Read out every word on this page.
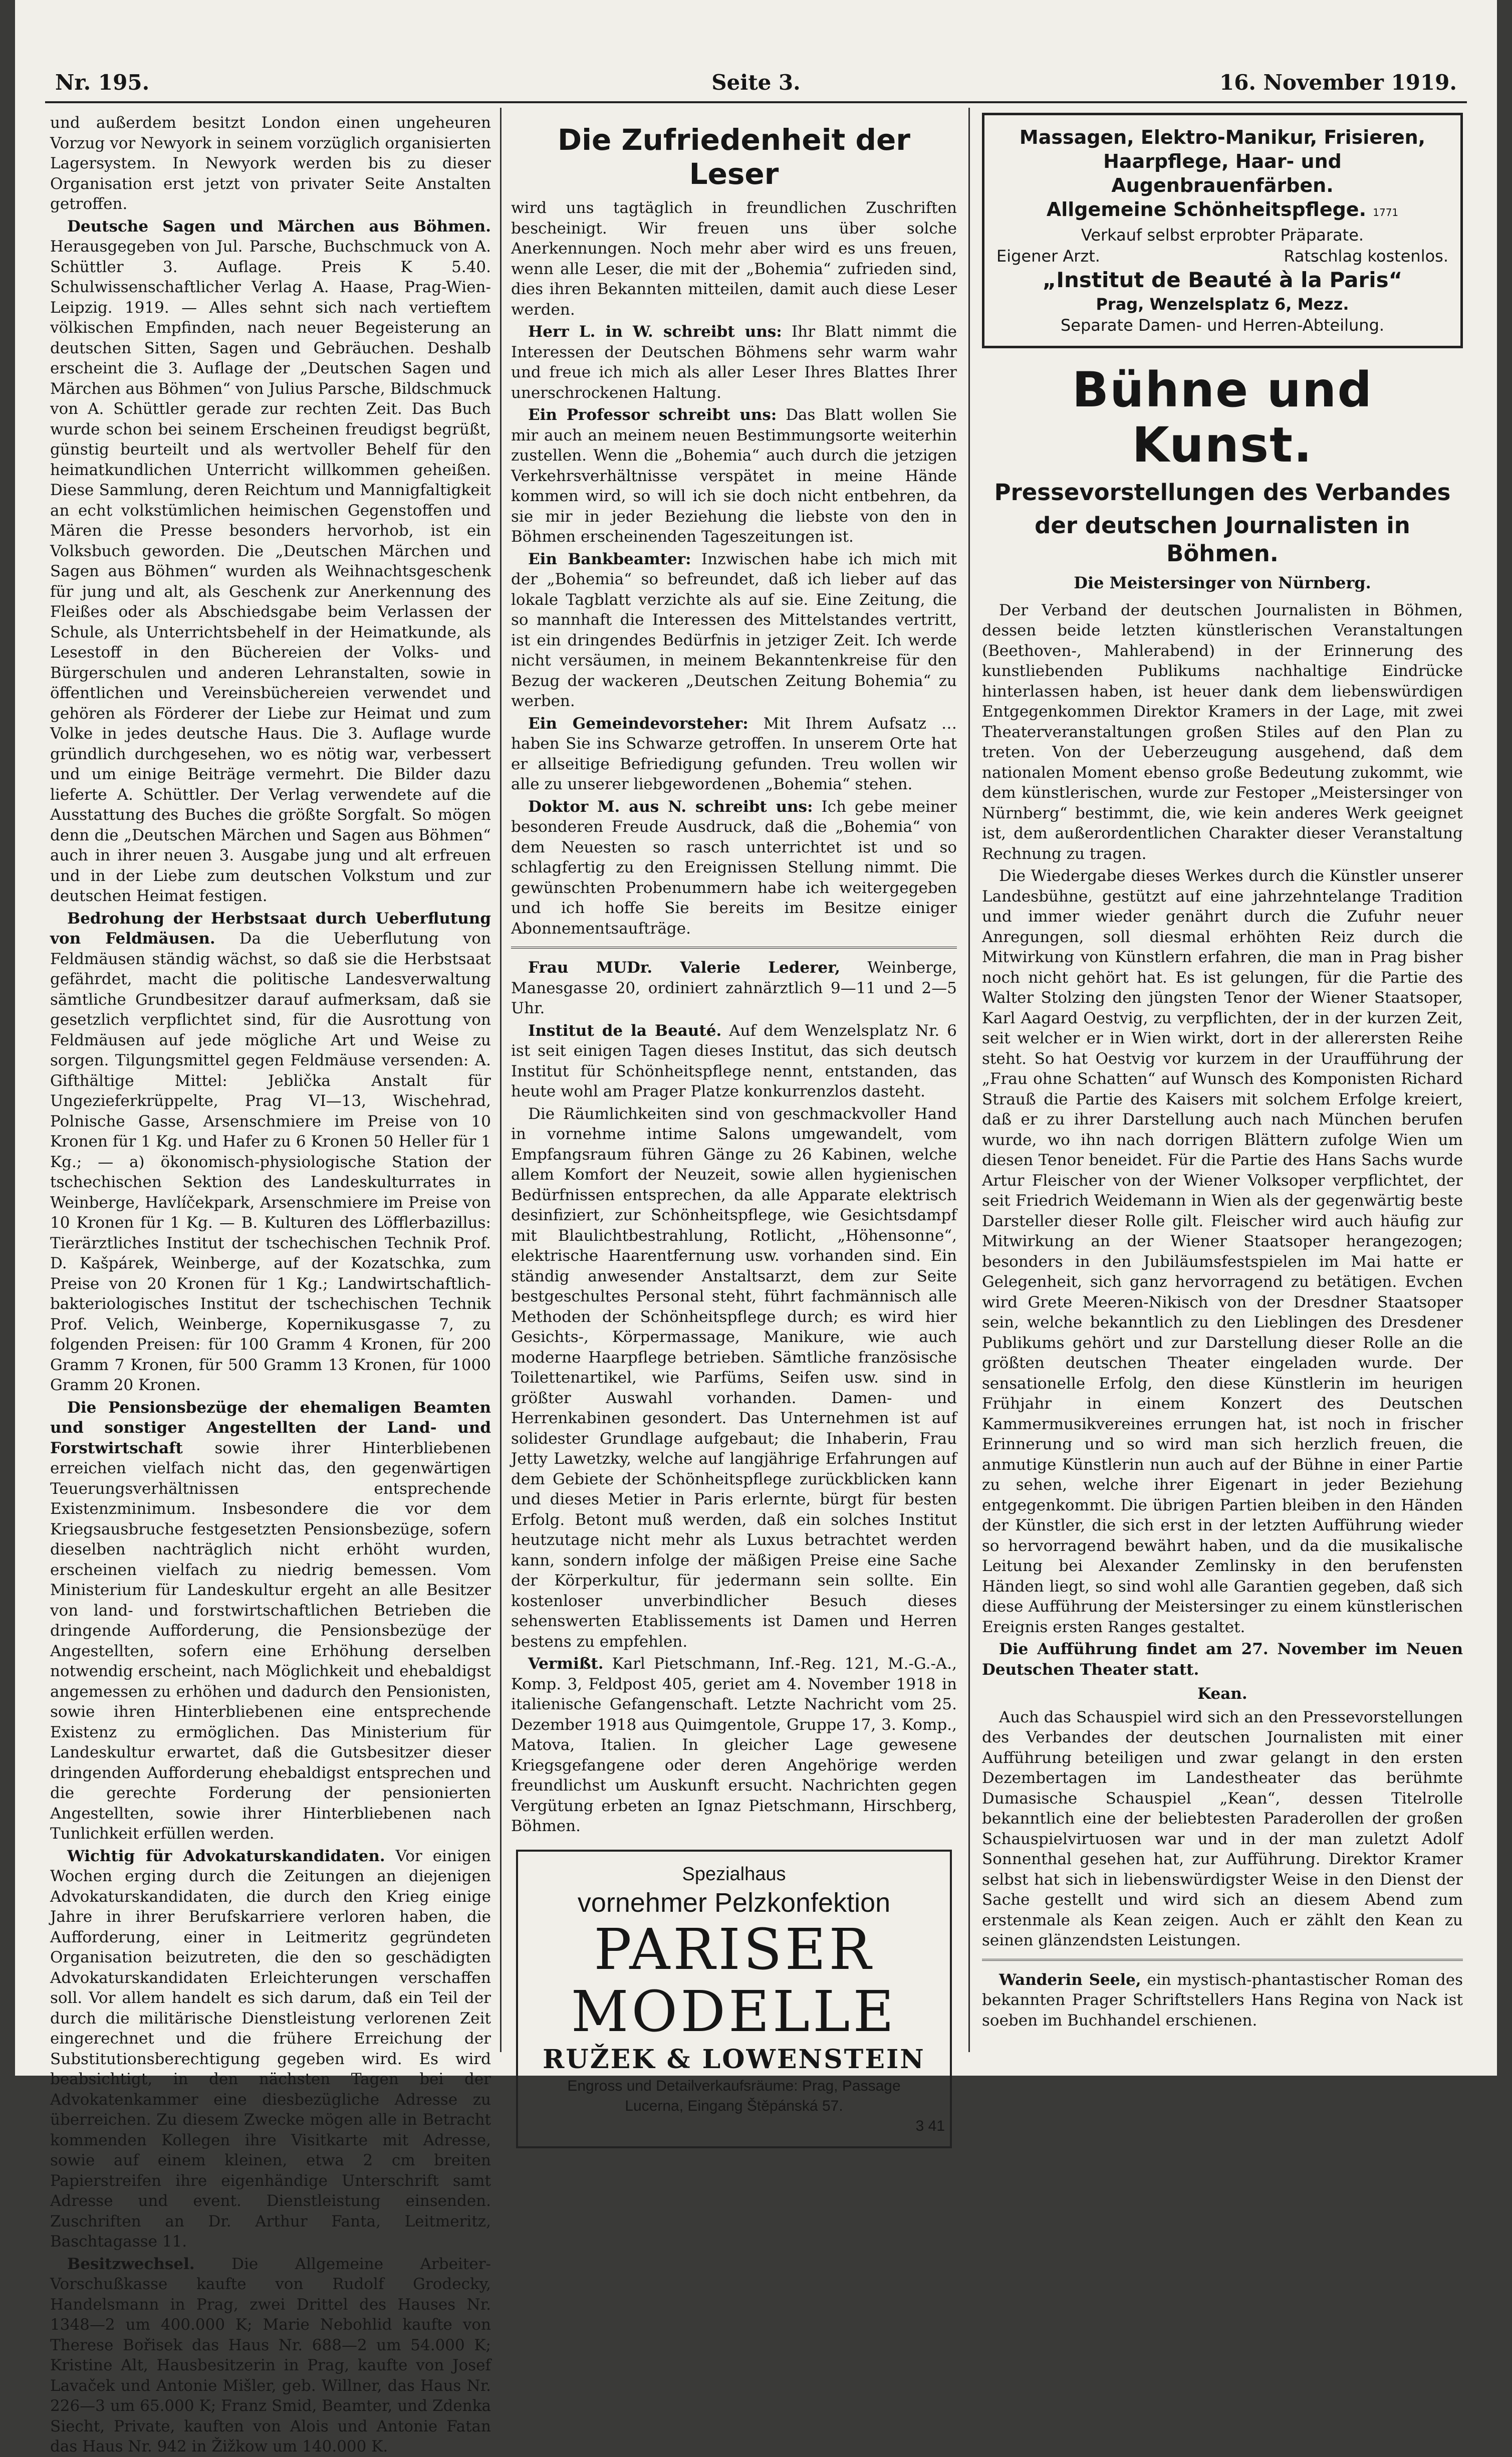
Nr. 195.	Seite 3.	16. November 1919.

und außerdem besitzt London einen ungeheuren Vorzug vor Newyork in seinem vorzüglich organisierten Lagersystem. In Newyork werden bis zu dieser Organisation erst jetzt von privater Seite Anstalten getroffen.

Deutsche Sagen und Märchen aus Böhmen. Herausgegeben von Jul. Parsche, Buchschmuck von A. Schüttler 3. Auflage. Preis K 5.40. Schulwissenschaftlicher Verlag A. Haase, Prag-Wien-Leipzig. 1919. — Alles sehnt sich nach vertieftem völkischen Empfinden, nach neuer Begeisterung an deutschen Sitten, Sagen und Gebräuchen. Deshalb erscheint die 3. Auflage der „Deutschen Sagen und Märchen aus Böhmen“ von Julius Parsche, Bildschmuck von A. Schüttler gerade zur rechten Zeit. Das Buch wurde schon bei seinem Erscheinen freudigst begrüßt, günstig beurteilt und als wertvoller Behelf für den heimatkundlichen Unterricht willkommen geheißen. Diese Sammlung, deren Reichtum und Mannigfaltigkeit an echt volkstümlichen heimischen Gegenstoffen und Mären die Presse besonders hervorhob, ist ein Volksbuch geworden. Die „Deutschen Märchen und Sagen aus Böhmen“ wurden als Weihnachtsgeschenk für jung und alt, als Geschenk zur Anerkennung des Fleißes oder als Abschiedsgabe beim Verlassen der Schule, als Unterrichtsbehelf in der Heimatkunde, als Lesestoff in den Büchereien der Volks- und Bürgerschulen und anderen Lehranstalten, sowie in öffentlichen und Vereinsbüchereien verwendet und gehören als Förderer der Liebe zur Heimat und zum Volke in jedes deutsche Haus. Die 3. Auflage wurde gründlich durchgesehen, wo es nötig war, verbessert und um einige Beiträge vermehrt. Die Bilder dazu lieferte A. Schüttler. Der Verlag verwendete auf die Ausstattung des Buches die größte Sorgfalt. So mögen denn die „Deutschen Märchen und Sagen aus Böhmen“ auch in ihrer neuen 3. Ausgabe jung und alt erfreuen und in der Liebe zum deutschen Volkstum und zur deutschen Heimat festigen.

Bedrohung der Herbstsaat durch Ueberflutung von Feldmäusen. Da die Ueberflutung von Feldmäusen ständig wächst, so daß sie die Herbstsaat gefährdet, macht die politische Landesverwaltung sämtliche Grundbesitzer darauf aufmerksam, daß sie gesetzlich verpflichtet sind, für die Ausrottung von Feldmäusen auf jede mögliche Art und Weise zu sorgen. Tilgungsmittel gegen Feldmäuse versenden: A. Gifthältige Mittel: Jeblička Anstalt für Ungezieferkrüppelte, Prag VI—13, Wischehrad, Polnische Gasse, Arsenschmiere im Preise von 10 Kronen für 1 Kg. und Hafer zu 6 Kronen 50 Heller für 1 Kg.; — a) ökonomisch-physiologische Station der tschechischen Sektion des Landeskulturrates in Weinberge, Havlíčekpark, Arsenschmiere im Preise von 10 Kronen für 1 Kg. — B. Kulturen des Löfflerbazillus: Tierärztliches Institut der tschechischen Technik Prof. D. Kašpárek, Weinberge, auf der Kozatschka, zum Preise von 20 Kronen für 1 Kg.; Landwirtschaftlich-bakteriologisches Institut der tschechischen Technik Prof. Velich, Weinberge, Kopernikusgasse 7, zu folgenden Preisen: für 100 Gramm 4 Kronen, für 200 Gramm 7 Kronen, für 500 Gramm 13 Kronen, für 1000 Gramm 20 Kronen.

Die Pensionsbezüge der ehemaligen Beamten und sonstiger Angestellten der Land- und Forstwirtschaft sowie ihrer Hinterbliebenen erreichen vielfach nicht das, den gegenwärtigen Teuerungsverhältnissen entsprechende Existenzminimum. Insbesondere die vor dem Kriegsausbruche festgesetzten Pensionsbezüge, sofern dieselben nachträglich nicht erhöht wurden, erscheinen vielfach zu niedrig bemessen. Vom Ministerium für Landeskultur ergeht an alle Besitzer von land- und forstwirtschaftlichen Betrieben die dringende Aufforderung, die Pensionsbezüge der Angestellten, sofern eine Erhöhung derselben notwendig erscheint, nach Möglichkeit und ehebaldigst angemessen zu erhöhen und dadurch den Pensionisten, sowie ihren Hinterbliebenen eine entsprechende Existenz zu ermöglichen. Das Ministerium für Landeskultur erwartet, daß die Gutsbesitzer dieser dringenden Aufforderung ehebaldigst entsprechen und die gerechte Forderung der pensionierten Angestellten, sowie ihrer Hinterbliebenen nach Tunlichkeit erfüllen werden.

Wichtig für Advokaturskandidaten. Vor einigen Wochen erging durch die Zeitungen an diejenigen Advokaturskandidaten, die durch den Krieg einige Jahre in ihrer Berufskarriere verloren haben, die Aufforderung, einer in Leitmeritz gegründeten Organisation beizutreten, die den so geschädigten Advokaturskandidaten Erleichterungen verschaffen soll. Vor allem handelt es sich darum, daß ein Teil der durch die militärische Dienstleistung verlorenen Zeit eingerechnet und die frühere Erreichung der Substitutionsberechtigung gegeben wird. Es wird beabsichtigt, in den nächsten Tagen bei der Advokatenkammer eine diesbezügliche Adresse zu überreichen. Zu diesem Zwecke mögen alle in Betracht kommenden Kollegen ihre Visitkarte mit Adresse, sowie auf einem kleinen, etwa 2 cm breiten Papierstreifen ihre eigenhändige Unterschrift samt Adresse und event. Dienstleistung einsenden. Zuschriften an Dr. Arthur Fanta, Leitmeritz, Baschtagasse 11.

Besitzwechsel. Die Allgemeine Arbeiter-Vorschußkasse kaufte von Rudolf Grodecky, Handelsmann in Prag, zwei Drittel des Hauses Nr. 1348—2 um 400.000 K; Marie Nebohlid kaufte von Therese Bořisek das Haus Nr. 688—2 um 54.000 K; Kristine Alt, Hausbesitzerin in Prag, kaufte von Josef Lavaček und Antonie Mišler, geb. Willner, das Haus Nr. 226—3 um 65.000 K; Franz Smid, Beamter, und Zdenka Siecht, Private, kauften von Alois und Antonie Fatan das Haus Nr. 942 in Žižkow um 140.000 K.

Die Zufriedenheit der Leser

wird uns tagtäglich in freundlichen Zuschriften bescheinigt. Wir freuen uns über solche Anerkennungen. Noch mehr aber wird es uns freuen, wenn alle Leser, die mit der „Bohemia“ zufrieden sind, dies ihren Bekannten mitteilen, damit auch diese Leser werden.

Herr L. in W. schreibt uns: Ihr Blatt nimmt die Interessen der Deutschen Böhmens sehr warm wahr und freue ich mich als aller Leser Ihres Blattes Ihrer unerschrockenen Haltung.

Ein Professor schreibt uns: Das Blatt wollen Sie mir auch an meinem neuen Bestimmungsorte weiterhin zustellen. Wenn die „Bohemia“ auch durch die jetzigen Verkehrsverhältnisse verspätet in meine Hände kommen wird, so will ich sie doch nicht entbehren, da sie mir in jeder Beziehung die liebste von den in Böhmen erscheinenden Tageszeitungen ist.

Ein Bankbeamter: Inzwischen habe ich mich mit der „Bohemia“ so befreundet, daß ich lieber auf das lokale Tagblatt verzichte als auf sie. Eine Zeitung, die so mannhaft die Interessen des Mittelstandes vertritt, ist ein dringendes Bedürfnis in jetziger Zeit. Ich werde nicht versäumen, in meinem Bekanntenkreise für den Bezug der wackeren „Deutschen Zeitung Bohemia“ zu werben.

Ein Gemeindevorsteher: Mit Ihrem Aufsatz … haben Sie ins Schwarze getroffen. In unserem Orte hat er allseitige Befriedigung gefunden. Treu wollen wir alle zu unserer liebgewordenen „Bohemia“ stehen.

Doktor M. aus N. schreibt uns: Ich gebe meiner besonderen Freude Ausdruck, daß die „Bohemia“ von dem Neuesten so rasch unterrichtet ist und so schlagfertig zu den Ereignissen Stellung nimmt. Die gewünschten Probenummern habe ich weitergegeben und ich hoffe Sie bereits im Besitze einiger Abonnementsaufträge.

Frau MUDr. Valerie Lederer, Weinberge, Manesgasse 20, ordiniert zahnärztlich 9—11 und 2—5 Uhr.

Institut de la Beauté. Auf dem Wenzelsplatz Nr. 6 ist seit einigen Tagen dieses Institut, das sich deutsch Institut für Schönheitspflege nennt, entstanden, das heute wohl am Prager Platze konkurrenzlos dasteht.

Die Räumlichkeiten sind von geschmackvoller Hand in vornehme intime Salons umgewandelt, vom Empfangsraum führen Gänge zu 26 Kabinen, welche allem Komfort der Neuzeit, sowie allen hygienischen Bedürfnissen entsprechen, da alle Apparate elektrisch desinfiziert, zur Schönheitspflege, wie Gesichtsdampf mit Blaulichtbestrahlung, Rotlicht, „Höhensonne“, elektrische Haarentfernung usw. vorhanden sind. Ein ständig anwesender Anstaltsarzt, dem zur Seite bestgeschultes Personal steht, führt fachmännisch alle Methoden der Schönheitspflege durch; es wird hier Gesichts-, Körpermassage, Manikure, wie auch moderne Haarpflege betrieben. Sämtliche französische Toilettenartikel, wie Parfüms, Seifen usw. sind in größter Auswahl vorhanden. Damen- und Herrenkabinen gesondert. Das Unternehmen ist auf solidester Grundlage aufgebaut; die Inhaberin, Frau Jetty Lawetzky, welche auf langjährige Erfahrungen auf dem Gebiete der Schönheitspflege zurückblicken kann und dieses Metier in Paris erlernte, bürgt für besten Erfolg. Betont muß werden, daß ein solches Institut heutzutage nicht mehr als Luxus betrachtet werden kann, sondern infolge der mäßigen Preise eine Sache der Körperkultur, für jedermann sein sollte. Ein kostenloser unverbindlicher Besuch dieses sehenswerten Etablissements ist Damen und Herren bestens zu empfehlen.

Vermißt. Karl Pietschmann, Inf.-Reg. 121, M.-G.-A., Komp. 3, Feldpost 405, geriet am 4. November 1918 in italienische Gefangenschaft. Letzte Nachricht vom 25. Dezember 1918 aus Quimgentole, Gruppe 17, 3. Komp., Matova, Italien. In gleicher Lage gewesene Kriegsgefangene oder deren Angehörige werden freundlichst um Auskunft ersucht. Nachrichten gegen Vergütung erbeten an Ignaz Pietschmann, Hirschberg, Böhmen.

Spezialhaus
vornehmer Pelzkonfektion
PARISER MODELLE
RUŽEK & LOWENSTEIN
Engross und Detailverkaufsräume: Prag, Passage
Lucerna, Eingang Štěpánská 57.
3 41
Massagen, Elektro-Manikur, Frisieren,
Haarpflege, Haar- und Augenbrauenfärben.
Allgemeine Schönheitspflege. 1771
Verkauf selbst erprobter Präparate.
Eigener Arzt.	Ratschlag kostenlos.
„Institut de Beauté à la Paris“
Prag, Wenzelsplatz 6, Mezz.
Separate Damen- und Herren-Abteilung.
Bühne und Kunst.
Pressevorstellungen des Verbandes
der deutschen Journalisten in Böhmen.
Die Meistersinger von Nürnberg.

Der Verband der deutschen Journalisten in Böhmen, dessen beide letzten künstlerischen Veranstaltungen (Beethoven-, Mahlerabend) in der Erinnerung des kunstliebenden Publikums nachhaltige Eindrücke hinterlassen haben, ist heuer dank dem liebenswürdigen Entgegenkommen Direktor Kramers in der Lage, mit zwei Theaterveranstaltungen großen Stiles auf den Plan zu treten. Von der Ueberzeugung ausgehend, daß dem nationalen Moment ebenso große Bedeutung zukommt, wie dem künstlerischen, wurde zur Festoper „Meistersinger von Nürnberg“ bestimmt, die, wie kein anderes Werk geeignet ist, dem außerordentlichen Charakter dieser Veranstaltung Rechnung zu tragen.

Die Wiedergabe dieses Werkes durch die Künstler unserer Landesbühne, gestützt auf eine jahrzehntelange Tradition und immer wieder genährt durch die Zufuhr neuer Anregungen, soll diesmal erhöhten Reiz durch die Mitwirkung von Künstlern erfahren, die man in Prag bisher noch nicht gehört hat. Es ist gelungen, für die Partie des Walter Stolzing den jüngsten Tenor der Wiener Staatsoper, Karl Aagard Oestvig, zu verpflichten, der in der kurzen Zeit, seit welcher er in Wien wirkt, dort in der allerersten Reihe steht. So hat Oestvig vor kurzem in der Uraufführung der „Frau ohne Schatten“ auf Wunsch des Komponisten Richard Strauß die Partie des Kaisers mit solchem Erfolge kreiert, daß er zu ihrer Darstellung auch nach München berufen wurde, wo ihn nach dorrigen Blättern zufolge Wien um diesen Tenor beneidet. Für die Partie des Hans Sachs wurde Artur Fleischer von der Wiener Volksoper verpflichtet, der seit Friedrich Weidemann in Wien als der gegenwärtig beste Darsteller dieser Rolle gilt. Fleischer wird auch häufig zur Mitwirkung an der Wiener Staatsoper herangezogen; besonders in den Jubiläumsfestspielen im Mai hatte er Gelegenheit, sich ganz hervorragend zu betätigen. Evchen wird Grete Meeren-Nikisch von der Dresdner Staatsoper sein, welche bekanntlich zu den Lieblingen des Dresdener Publikums gehört und zur Darstellung dieser Rolle an die größten deutschen Theater eingeladen wurde. Der sensationelle Erfolg, den diese Künstlerin im heurigen Frühjahr in einem Konzert des Deutschen Kammermusikvereines errungen hat, ist noch in frischer Erinnerung und so wird man sich herzlich freuen, die anmutige Künstlerin nun auch auf der Bühne in einer Partie zu sehen, welche ihrer Eigenart in jeder Beziehung entgegenkommt. Die übrigen Partien bleiben in den Händen der Künstler, die sich erst in der letzten Aufführung wieder so hervorragend bewährt haben, und da die musikalische Leitung bei Alexander Zemlinsky in den berufensten Händen liegt, so sind wohl alle Garantien gegeben, daß sich diese Aufführung der Meistersinger zu einem künstlerischen Ereignis ersten Ranges gestaltet.

Die Aufführung findet am 27. November im Neuen Deutschen Theater statt.

Kean.

Auch das Schauspiel wird sich an den Pressevorstellungen des Verbandes der deutschen Journalisten mit einer Aufführung beteiligen und zwar gelangt in den ersten Dezembertagen im Landestheater das berühmte Dumasische Schauspiel „Kean“, dessen Titelrolle bekanntlich eine der beliebtesten Paraderollen der großen Schauspielvirtuosen war und in der man zuletzt Adolf Sonnenthal gesehen hat, zur Aufführung. Direktor Kramer selbst hat sich in liebenswürdigster Weise in den Dienst der Sache gestellt und wird sich an diesem Abend zum erstenmale als Kean zeigen. Auch er zählt den Kean zu seinen glänzendsten Leistungen.

Wanderin Seele, ein mystisch-phantastischer Roman des bekannten Prager Schriftstellers Hans Regina von Nack ist soeben im Buchhandel erschienen.
